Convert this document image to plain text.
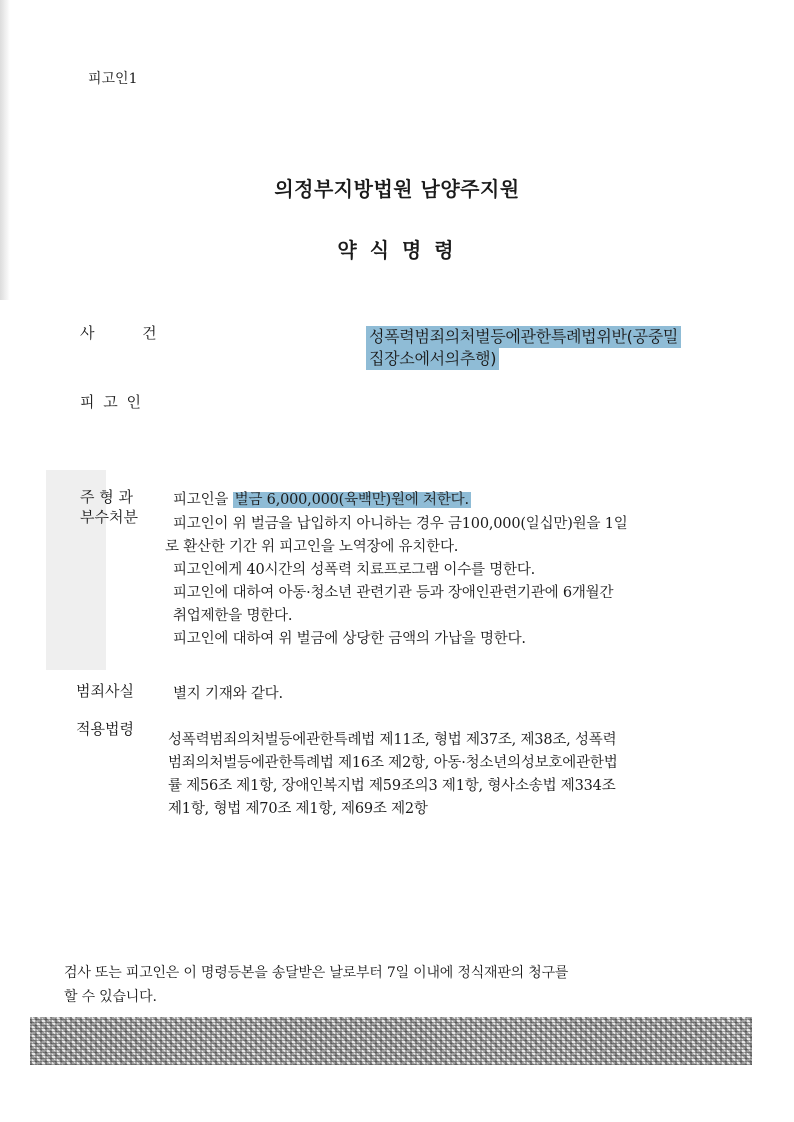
피고인1
의정부지방법원 남양주지원
약 식 명 령
사          건	성폭력범죄의처벌등에관한특례법위반(공중밀
집장소에서의추행)
피 고 인
주 형 과
부수처분
피고인을 벌금 6,000,000(육백만)원에 처한다.
피고인이 위 벌금을 납입하지 아니하는 경우 금100,000(일십만)원을 1일
로 환산한 기간 위 피고인을 노역장에 유치한다.
피고인에게 40시간의 성폭력 치료프로그램 이수를 명한다.
피고인에 대하여 아동·청소년 관련기관 등과 장애인관련기관에 6개월간
취업제한을 명한다.
피고인에 대하여 위 벌금에 상당한 금액의 가납을 명한다.
범죄사실	별지 기재와 같다.
적용법령
성폭력범죄의처벌등에관한특례법 제11조, 형법 제37조, 제38조, 성폭력
범죄의처벌등에관한특례법 제16조 제2항, 아동·청소년의성보호에관한법
률 제56조 제1항, 장애인복지법 제59조의3 제1항, 형사소송법 제334조
제1항, 형법 제70조 제1항, 제69조 제2항
검사 또는 피고인은 이 명령등본을 송달받은 날로부터 7일 이내에 정식재판의 청구를
할 수 있습니다.
